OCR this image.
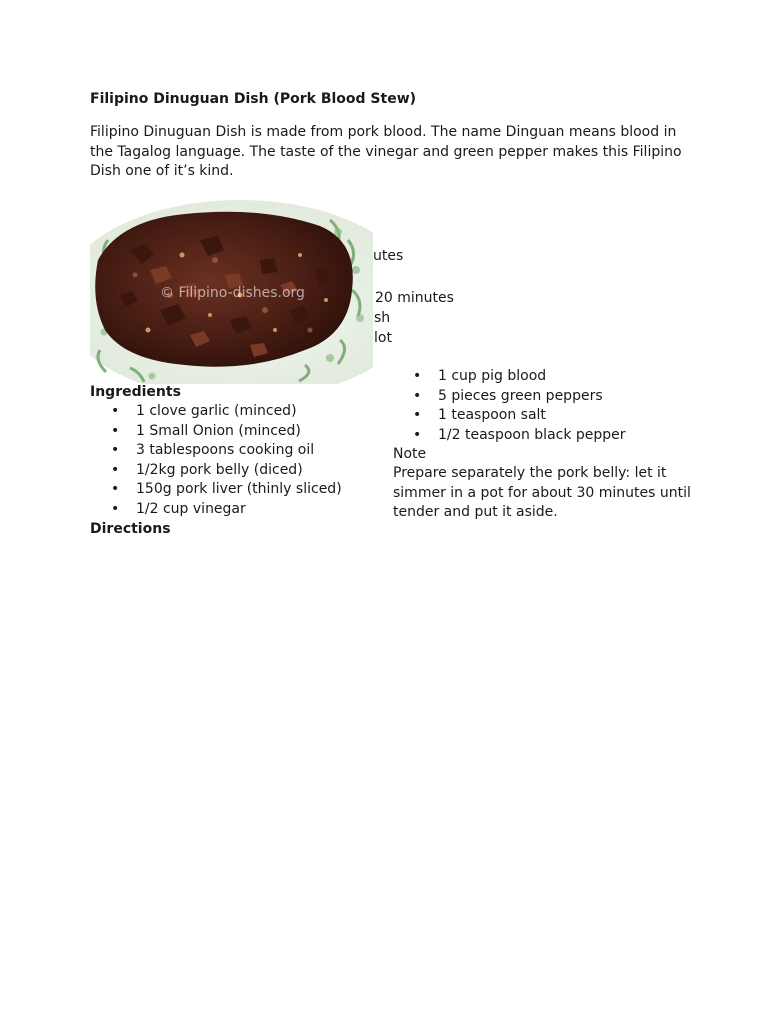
Filipino Dinuguan Dish (Pork Blood Stew)

Filipino Dinuguan Dish is made from pork blood. The name Dinguan means blood in the Tagalog language. The taste of the vinegar and green pepper makes this Filipino Dish one of it’s kind.

utes
20 minutes
sh
lot
© Filipino-dishes.org
Ingredients
• 1 clove garlic (minced)
• 1 Small Onion (minced)
• 3 tablespoons cooking oil
• 1/2kg pork belly (diced)
• 150g pork liver (thinly sliced)
• 1/2 cup vinegar
Directions
• 1 cup pig blood
• 5 pieces green peppers
• 1 teaspoon salt
• 1/2 teaspoon black pepper
Note

Prepare separately the pork belly: let it simmer in a pot for about 30 minutes until tender and put it aside.
